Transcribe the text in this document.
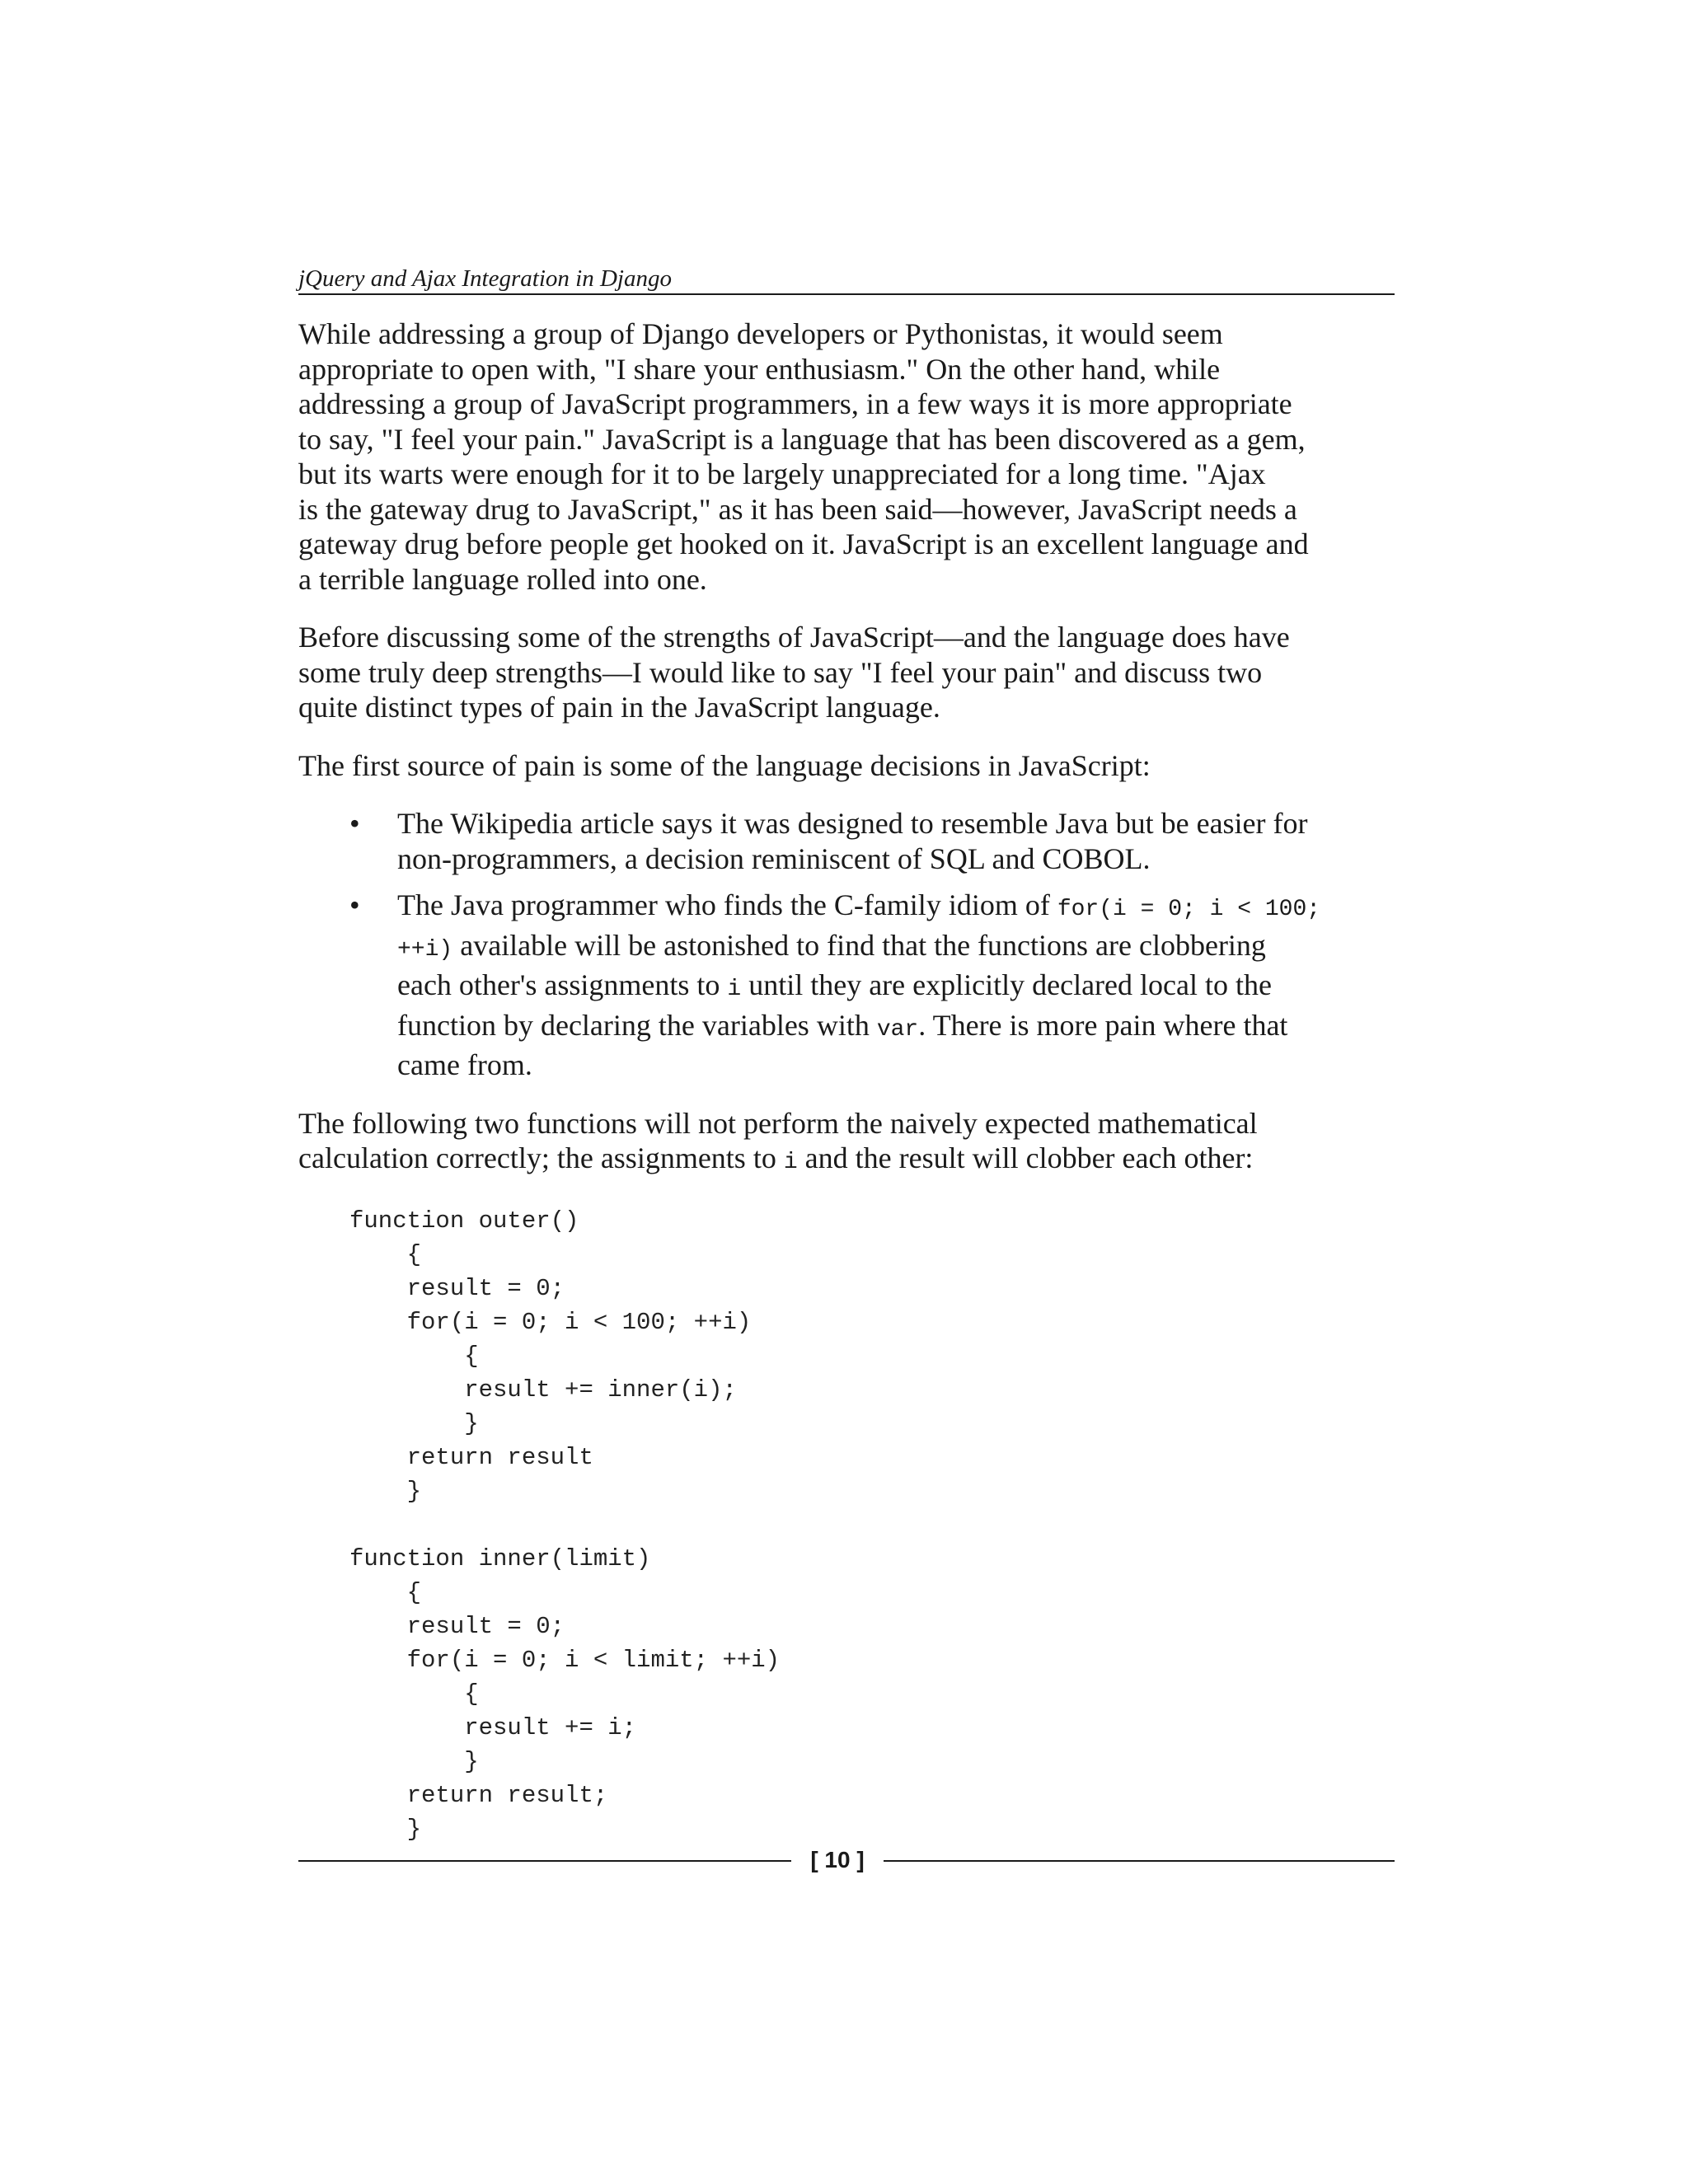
jQuery and Ajax Integration in Django

While addressing a group of Django developers or Pythonistas, it would seem
appropriate to open with, "I share your enthusiasm." On the other hand, while
addressing a group of JavaScript programmers, in a few ways it is more appropriate
to say, "I feel your pain." JavaScript is a language that has been discovered as a gem,
but its warts were enough for it to be largely unappreciated for a long time. "Ajax
is the gateway drug to JavaScript," as it has been said—however, JavaScript needs a
gateway drug before people get hooked on it. JavaScript is an excellent language and
a terrible language rolled into one.

Before discussing some of the strengths of JavaScript—and the language does have
some truly deep strengths—I would like to say "I feel your pain" and discuss two
quite distinct types of pain in the JavaScript language.

The first source of pain is some of the language decisions in JavaScript:

• The Wikipedia article says it was designed to resemble Java but be easier for
non-programmers, a decision reminiscent of SQL and COBOL.
• The Java programmer who finds the C-family idiom of for(i = 0; i < 100;
++i) available will be astonished to find that the functions are clobbering
each other's assignments to i until they are explicitly declared local to the
function by declaring the variables with var. There is more pain where that
came from.

The following two functions will not perform the naively expected mathematical
calculation correctly; the assignments to i and the result will clobber each other:

function outer()
{
result = 0;
for(i = 0; i < 100; ++i)
{
result += inner(i);
}
return result
}

function inner(limit)
{
result = 0;
for(i = 0; i < limit; ++i)
{
result += i;
}
return result;
}
[ 10 ]
